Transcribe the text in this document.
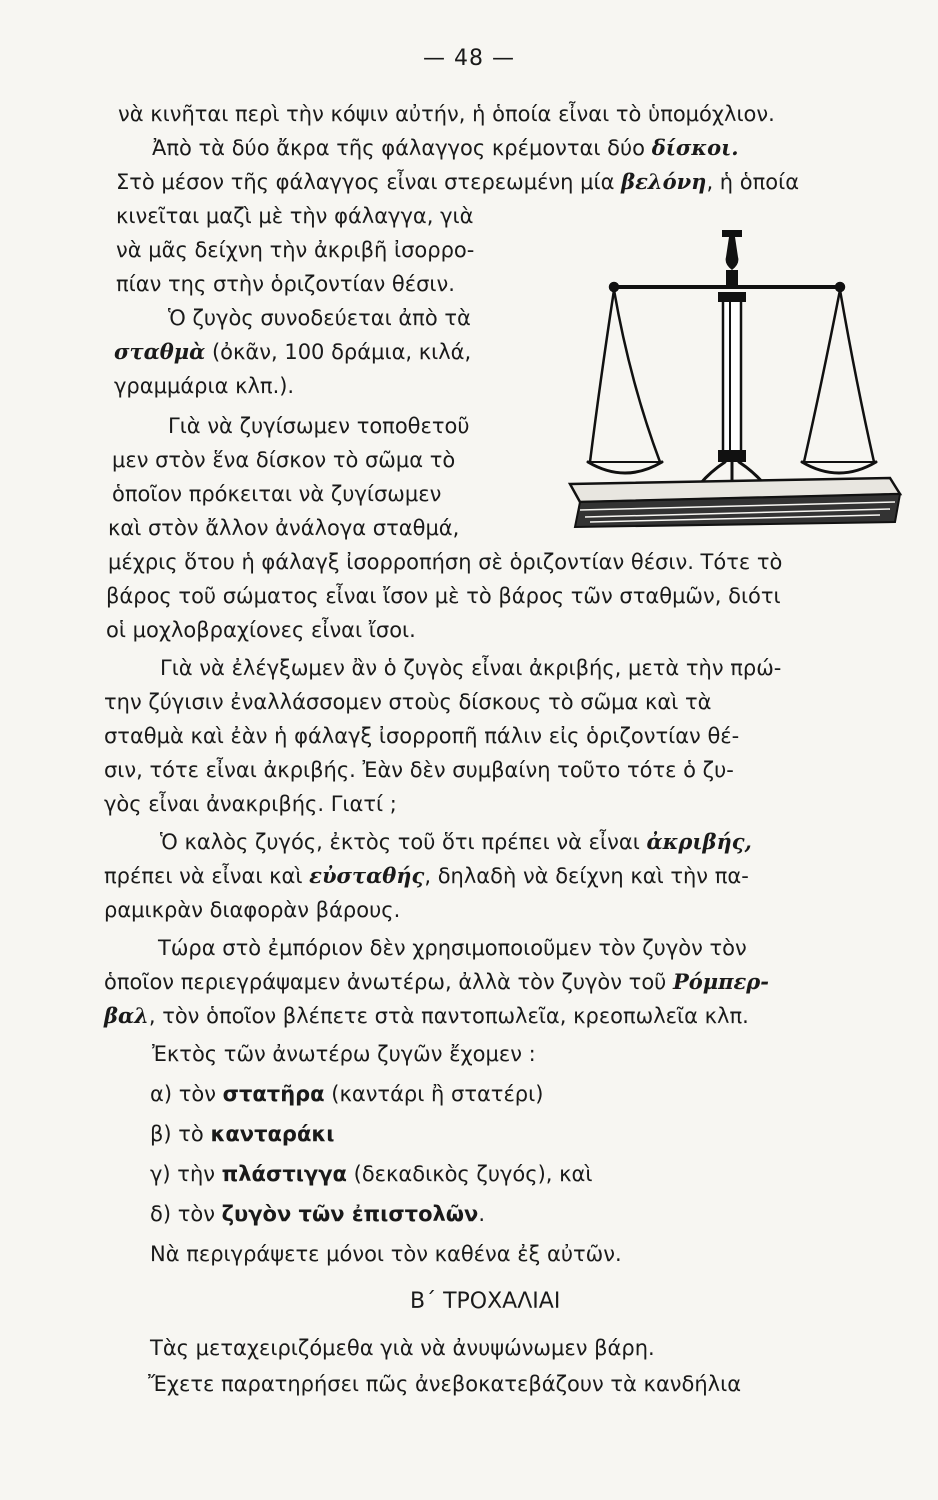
— 48 —
νὰ κινῆται περὶ τὴν κόψιν αὐτήν, ἡ ὁποία εἶναι τὸ ὑπομόχλιον.
Ἀπὸ τὰ δύο ἄκρα τῆς φάλαγγος κρέμονται δύο δίσκοι.
Στὸ μέσον τῆς φάλαγγος εἶναι στερεωμένη μία βελόνη, ἡ ὁποία
κινεῖται μαζὶ μὲ τὴν φάλαγγα, γιὰ
νὰ μᾶς δείχνη τὴν ἀκριβῆ ἰσορρο-
πίαν της στὴν ὁριζοντίαν θέσιν.
Ὁ ζυγὸς συνοδεύεται ἀπὸ τὰ
σταθμὰ (ὀκᾶν, 100 δράμια, κιλά,
γραμμάρια κλπ.).
Γιὰ νὰ ζυγίσωμεν τοποθετοῦ
μεν στὸν ἕνα δίσκον τὸ σῶμα τὸ
ὁποῖον πρόκειται νὰ ζυγίσωμεν
καὶ στὸν ἄλλον ἀνάλογα σταθμά,
μέχρις ὅτου ἡ φάλαγξ ἰσορροπήση σὲ ὁριζοντίαν θέσιν. Τότε τὸ
βάρος τοῦ σώματος εἶναι ἴσον μὲ τὸ βάρος τῶν σταθμῶν, διότι
οἱ μοχλοβραχίονες εἶναι ἴσοι.
Γιὰ νὰ ἐλέγξωμεν ἂν ὁ ζυγὸς εἶναι ἀκριβής, μετὰ τὴν πρώ-
την ζύγισιν ἐναλλάσσομεν στοὺς δίσκους τὸ σῶμα καὶ τὰ
σταθμὰ καὶ ἐὰν ἡ φάλαγξ ἰσορροπῆ πάλιν εἰς ὁριζοντίαν θέ-
σιν, τότε εἶναι ἀκριβής. Ἐὰν δὲν συμβαίνη τοῦτο τότε ὁ ζυ-
γὸς εἶναι ἀνακριβής. Γιατί ;
Ὁ καλὸς ζυγός, ἐκτὸς τοῦ ὅτι πρέπει νὰ εἶναι ἀκριβής,
πρέπει νὰ εἶναι καὶ εὐσταθής, δηλαδὴ νὰ δείχνη καὶ τὴν πα-
ραμικρὰν διαφορὰν βάρους.
Τώρα στὸ ἐμπόριον δὲν χρησιμοποιοῦμεν τὸν ζυγὸν τὸν
ὁποῖον περιεγράψαμεν ἀνωτέρω, ἀλλὰ τὸν ζυγὸν τοῦ Ρόμπερ-
βαλ, τὸν ὁποῖον βλέπετε στὰ παντοπωλεῖα, κρεοπωλεῖα κλπ.
Ἐκτὸς τῶν ἀνωτέρω ζυγῶν ἔχομεν :
α) τὸν στατῆρα (καντάρι ἢ στατέρι)
β) τὸ κανταράκι
γ) τὴν πλάστιγγα (δεκαδικὸς ζυγός), καὶ
δ) τὸν ζυγὸν τῶν ἐπιστολῶν.
Νὰ περιγράψετε μόνοι τὸν καθένα ἐξ αὐτῶν.
Β΄ ΤΡΟΧΑΛΙΑΙ
Τὰς μεταχειριζόμεθα γιὰ νὰ ἀνυψώνωμεν βάρη.
Ἔχετε παρατηρήσει πῶς ἀνεβοκατεβάζουν τὰ κανδήλια
